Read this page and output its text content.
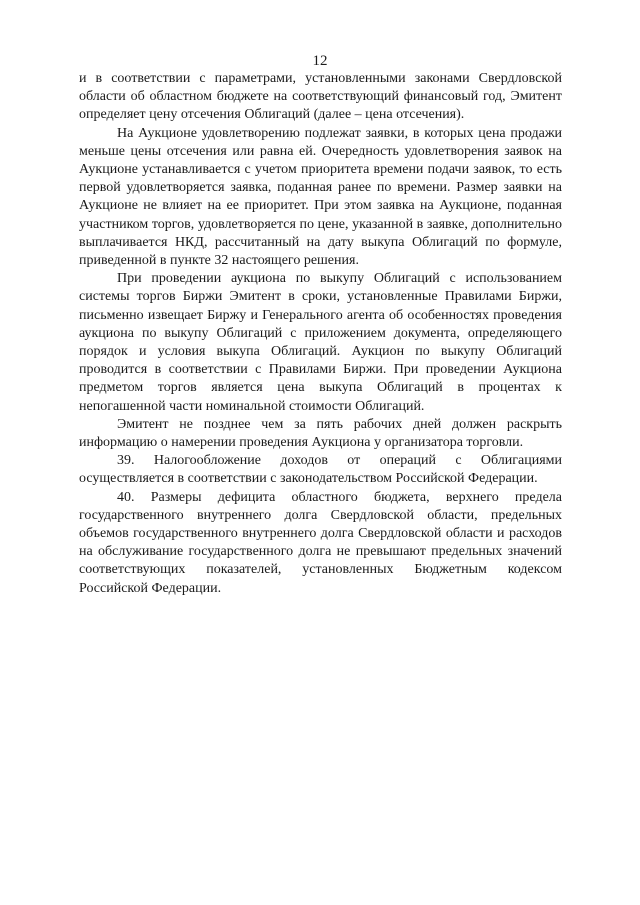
12

и в соответствии с параметрами, установленными законами Свердловской области об областном бюджете на соответствующий финансовый год, Эмитент определяет цену отсечения Облигаций (далее – цена отсечения).

На Аукционе удовлетворению подлежат заявки, в которых цена продажи меньше цены отсечения или равна ей. Очередность удовлетворения заявок на Аукционе устанавливается с учетом приоритета времени подачи заявок, то есть первой удовлетворяется заявка, поданная ранее по времени. Размер заявки на Аукционе не влияет на ее приоритет. При этом заявка на Аукционе, поданная участником торгов, удовлетворяется по цене, указанной в заявке, дополнительно выплачивается НКД, рассчитанный на дату выкупа Облигаций по формуле, приведенной в пункте 32 настоящего решения.

При проведении аукциона по выкупу Облигаций с использованием системы торгов Биржи Эмитент в сроки, установленные Правилами Биржи, письменно извещает Биржу и Генерального агента об особенностях проведения аукциона по выкупу Облигаций с приложением документа, определяющего порядок и условия выкупа Облигаций. Аукцион по выкупу Облигаций проводится в соответствии с Правилами Биржи. При проведении Аукциона предметом торгов является цена выкупа Облигаций в процентах к непогашенной части номинальной стоимости Облигаций.

Эмитент не позднее чем за пять рабочих дней должен раскрыть информацию о намерении проведения Аукциона у организатора торговли.

39. Налогообложение доходов от операций с Облигациями осуществляется в соответствии с законодательством Российской Федерации.

40. Размеры дефицита областного бюджета, верхнего предела государственного внутреннего долга Свердловской области, предельных объемов государственного внутреннего долга Свердловской области и расходов на обслуживание государственного долга не превышают предельных значений соответствующих показателей, установленных Бюджетным кодексом Российской Федерации.
